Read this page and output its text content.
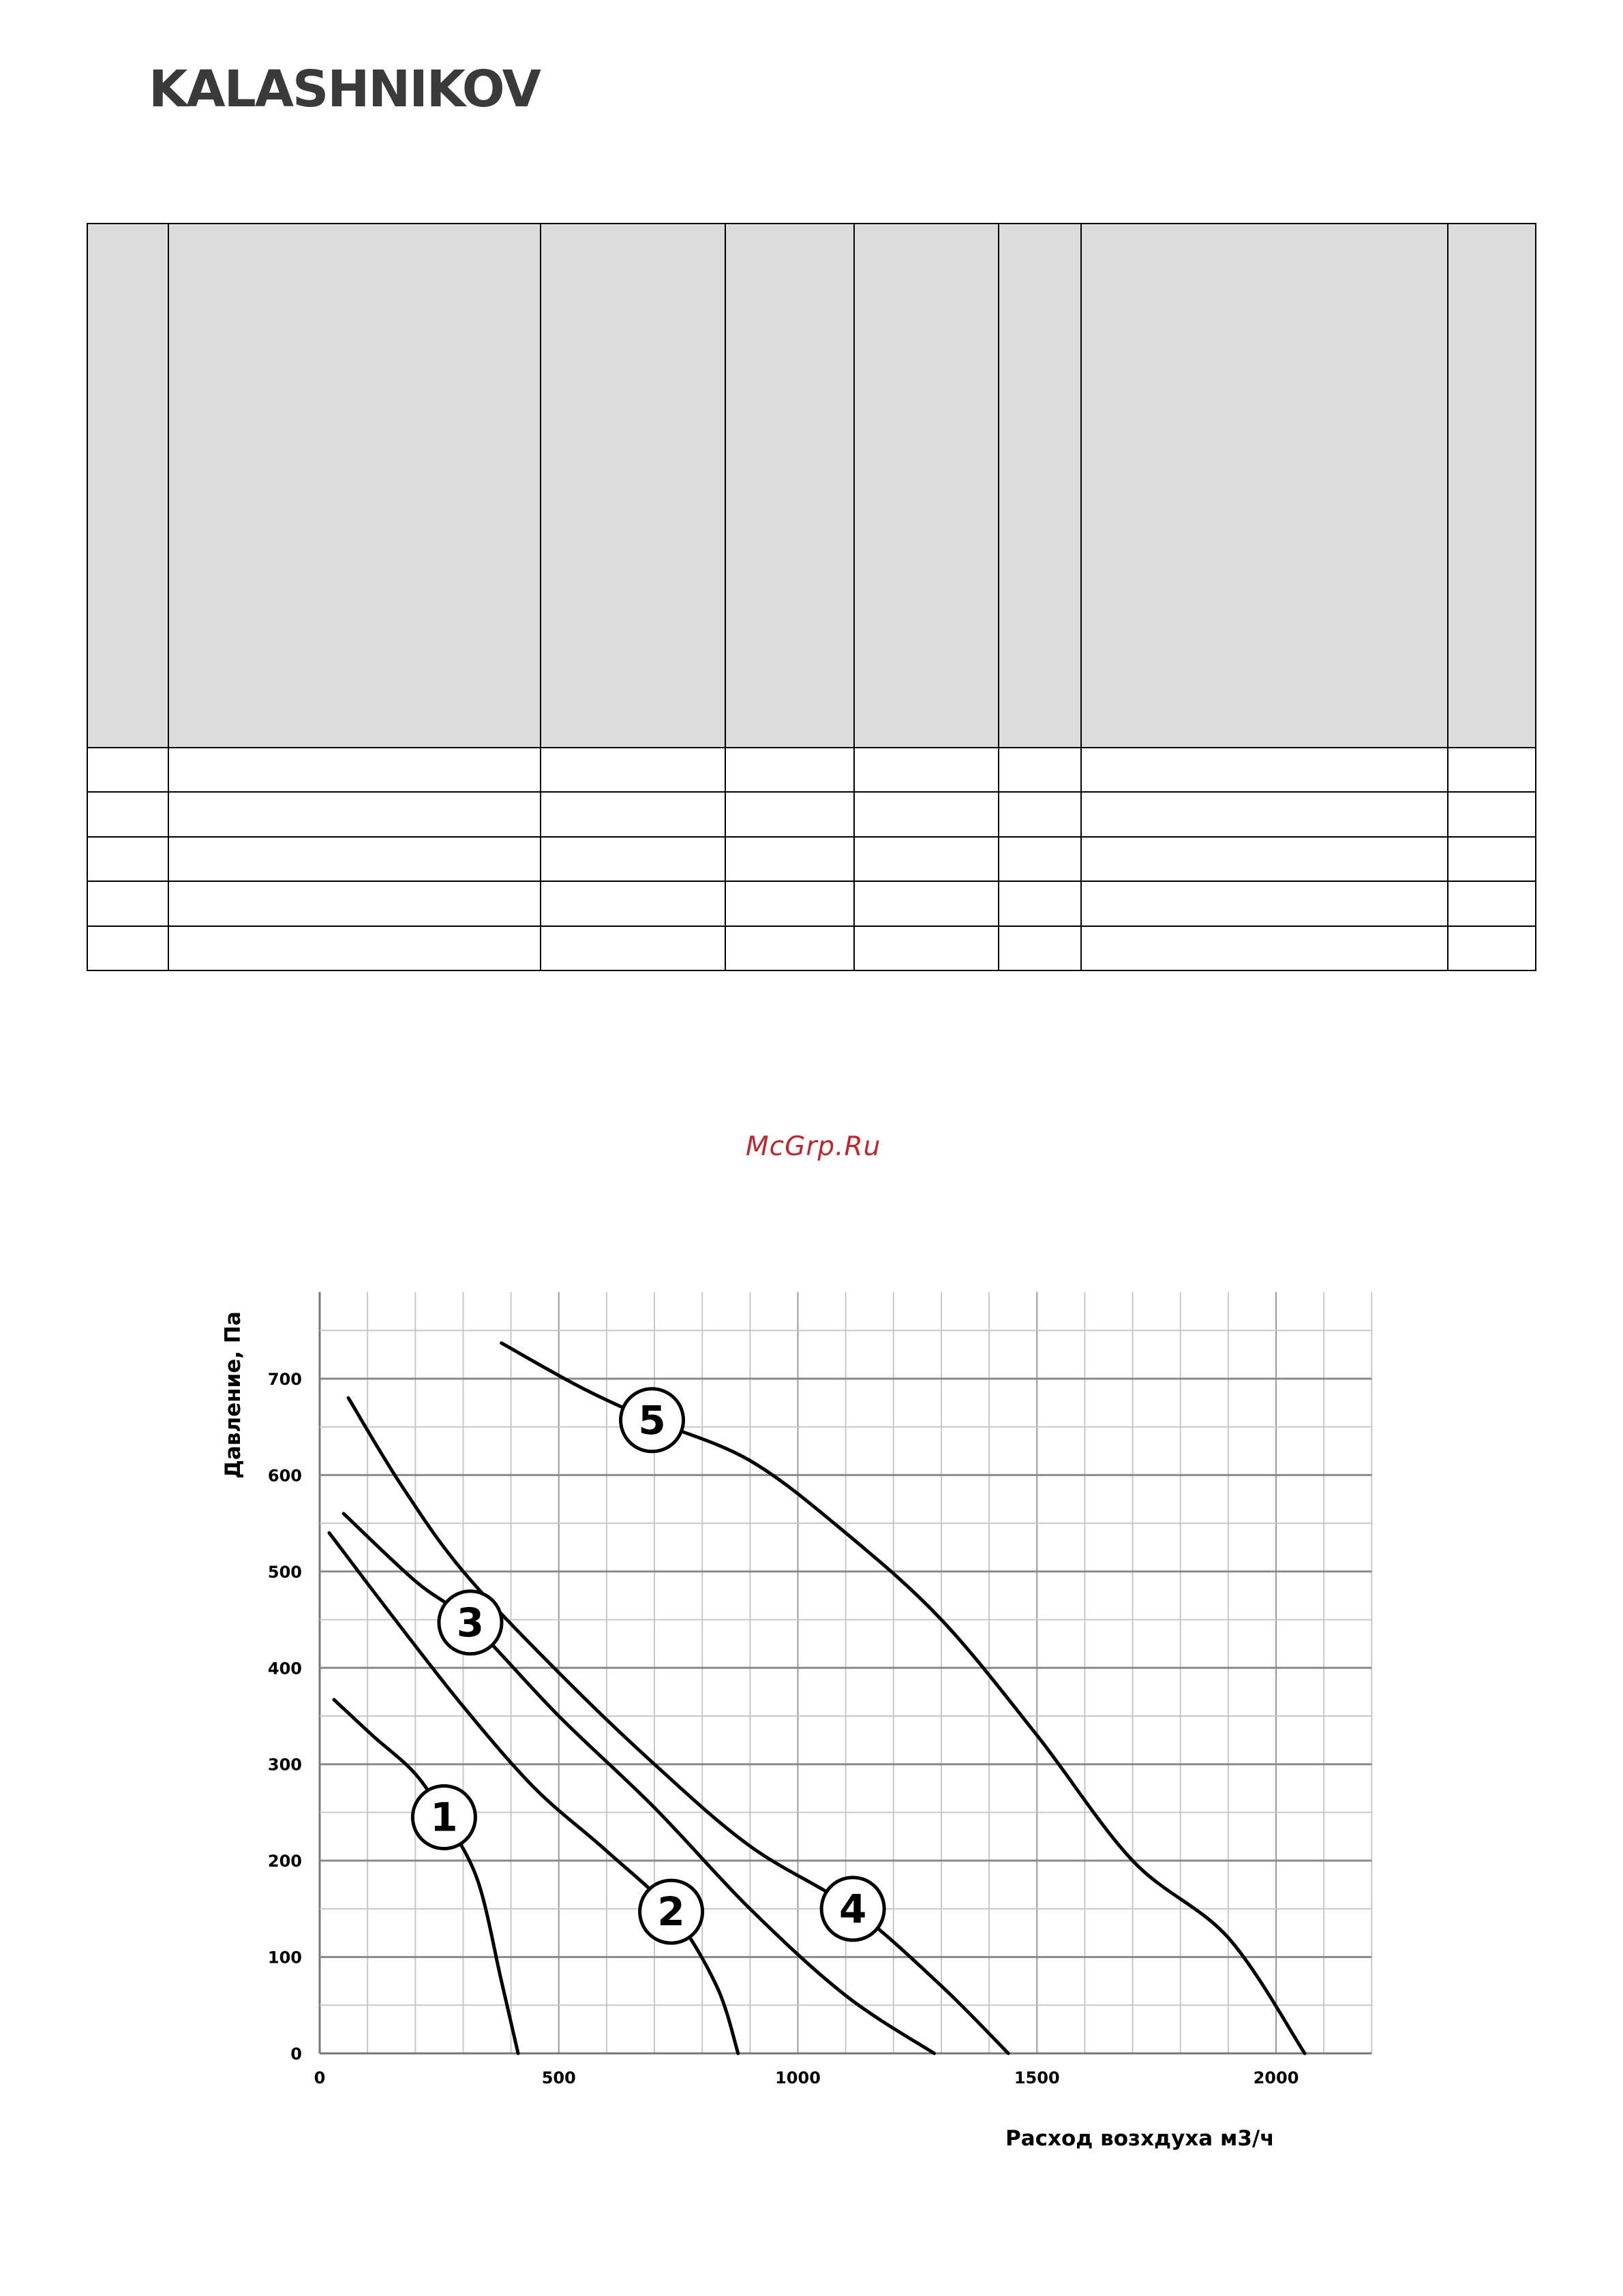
KALASHNIKOV

McGrp.Ru
0	500	1000	1500	2000
0
100
200
300
400
500
600
700
1
2
3
4
5
Давление, Па
Расход возхдуха м3/ч
